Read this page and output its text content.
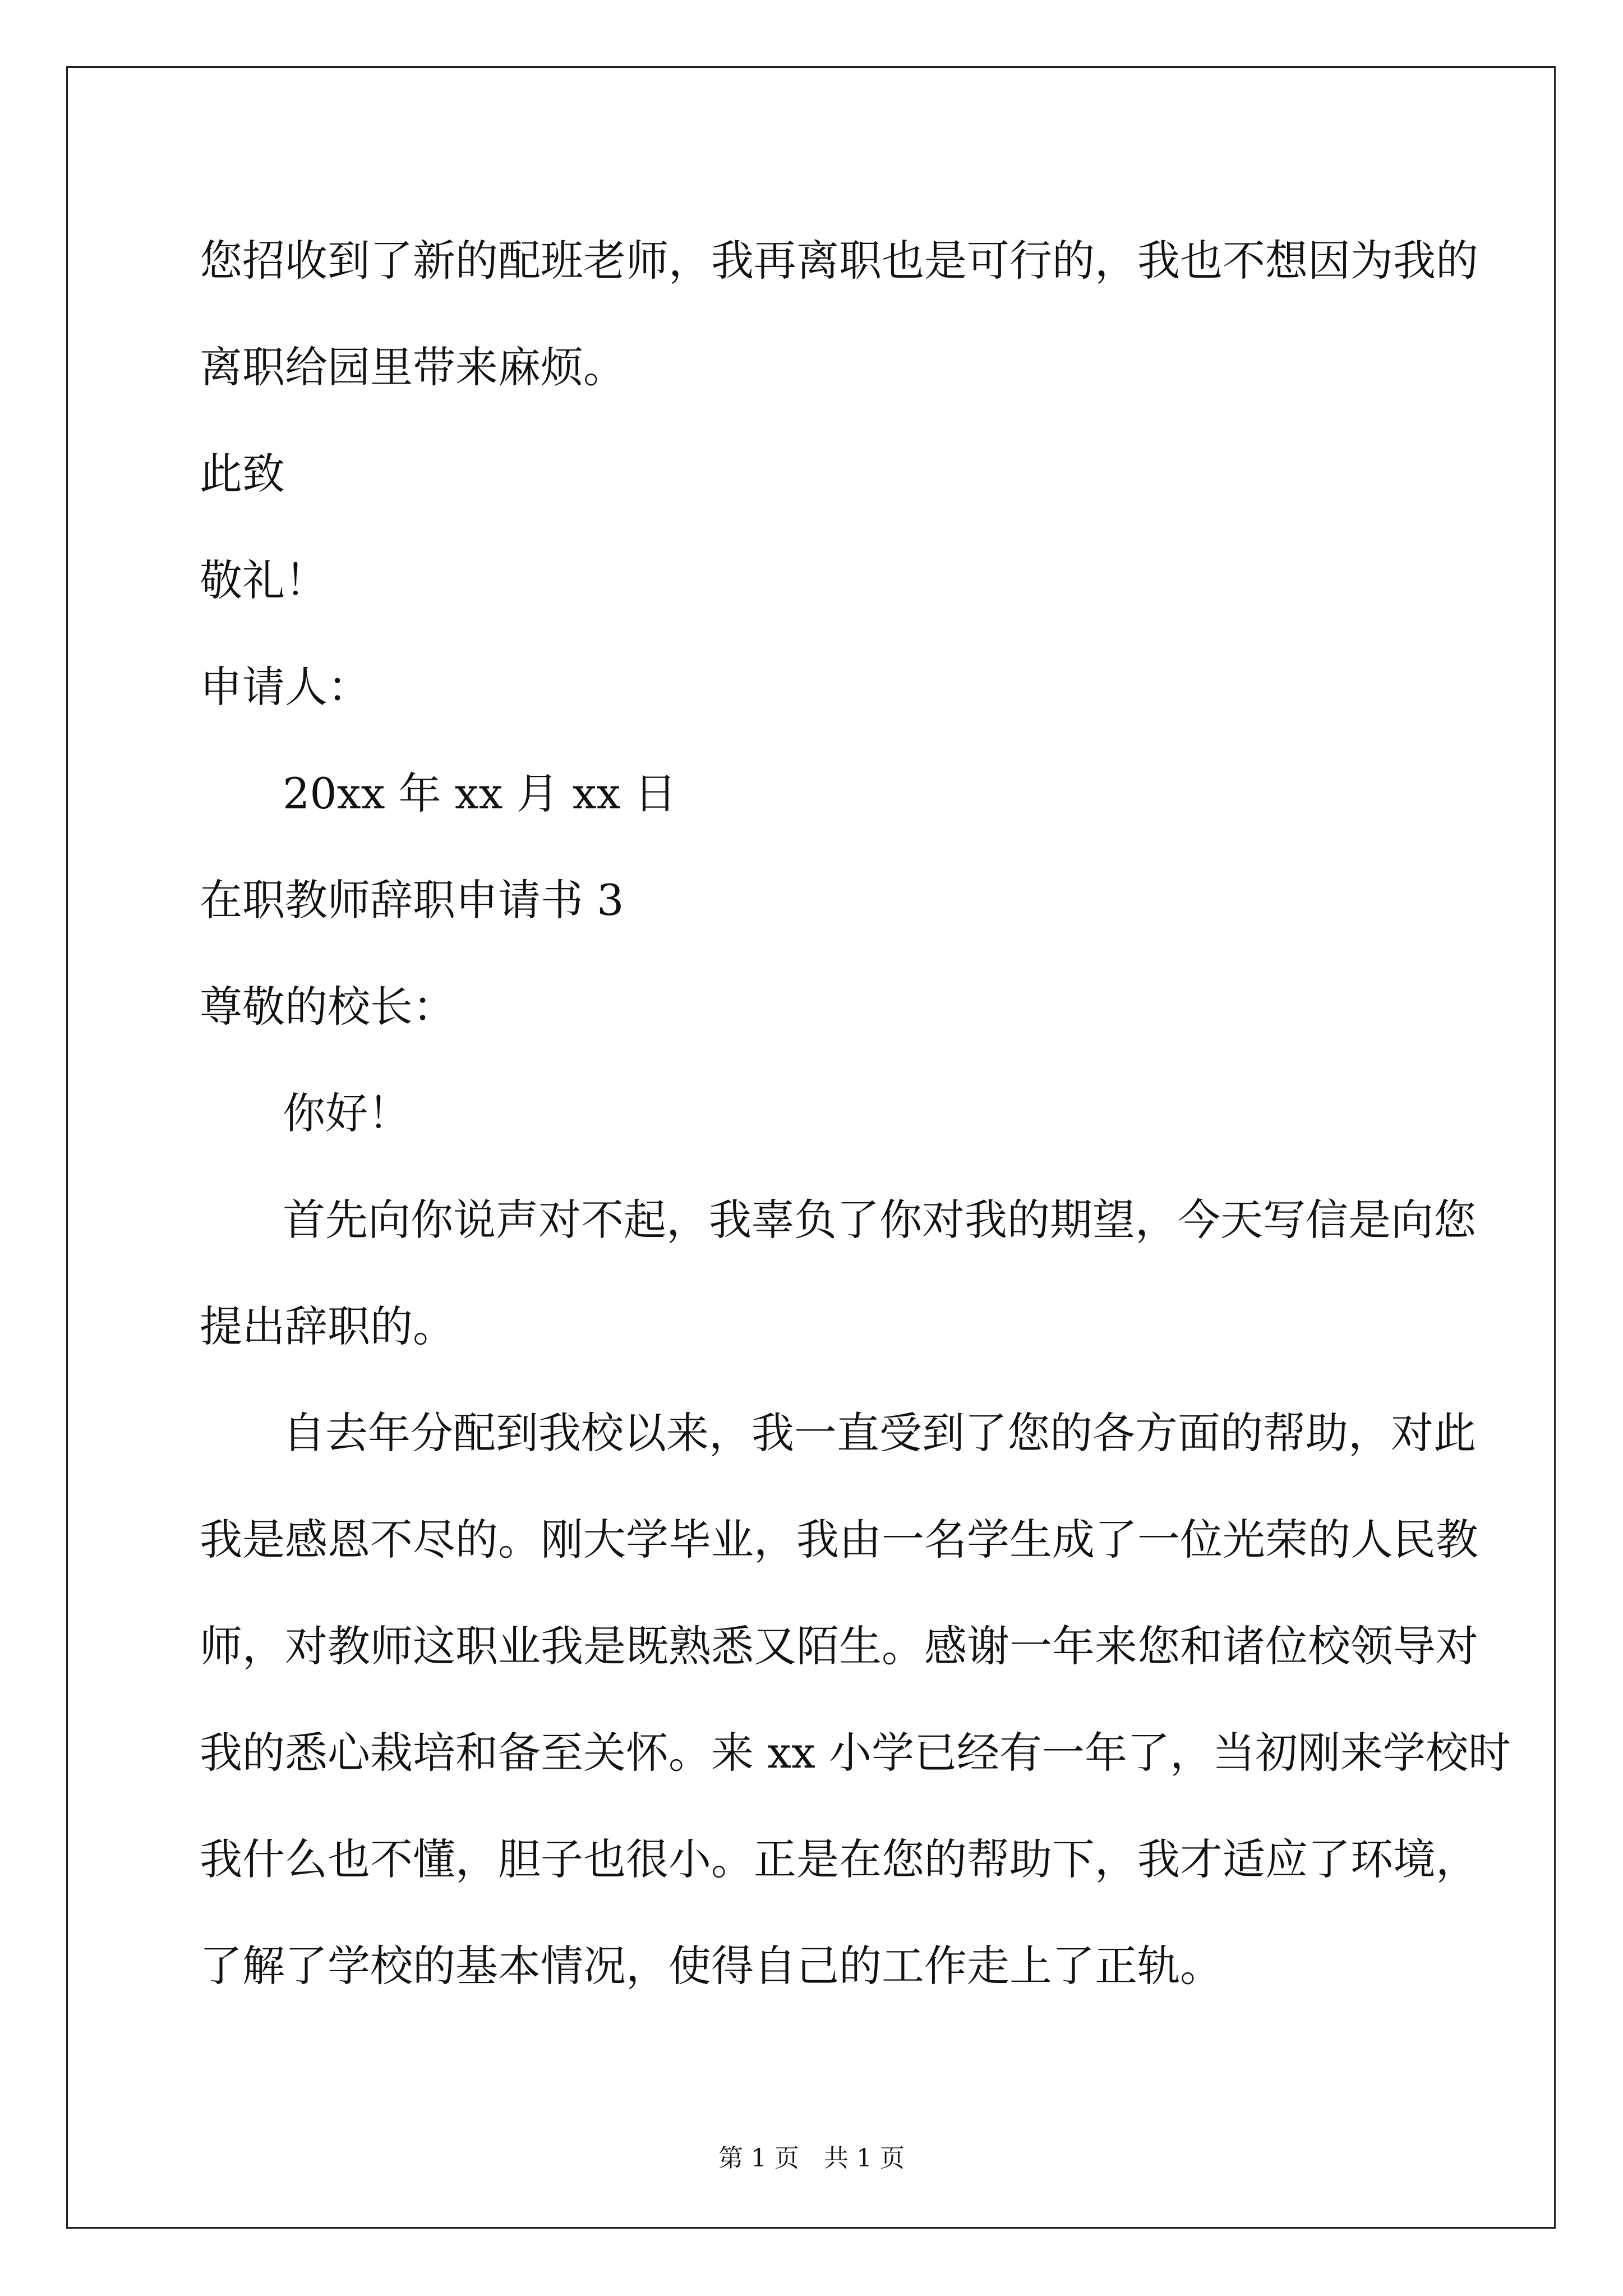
您招收到了新的配班老师，我再离职也是可行的，我也不想因为我的
离职给园里带来麻烦。
此致
敬礼！
申请人：
20xx 年 xx 月 xx 日
在职教师辞职申请书 3
尊敬的校长：
你好！
首先向你说声对不起，我辜负了你对我的期望，今天写信是向您
提出辞职的。
自去年分配到我校以来，我一直受到了您的各方面的帮助，对此
我是感恩不尽的。刚大学毕业，我由一名学生成了一位光荣的人民教
师，对教师这职业我是既熟悉又陌生。感谢一年来您和诸位校领导对
我的悉心栽培和备至关怀。来 xx 小学已经有一年了，当初刚来学校时
我什么也不懂，胆子也很小。正是在您的帮助下，我才适应了环境，
了解了学校的基本情况，使得自己的工作走上了正轨。
第 1 页 共 1 页
